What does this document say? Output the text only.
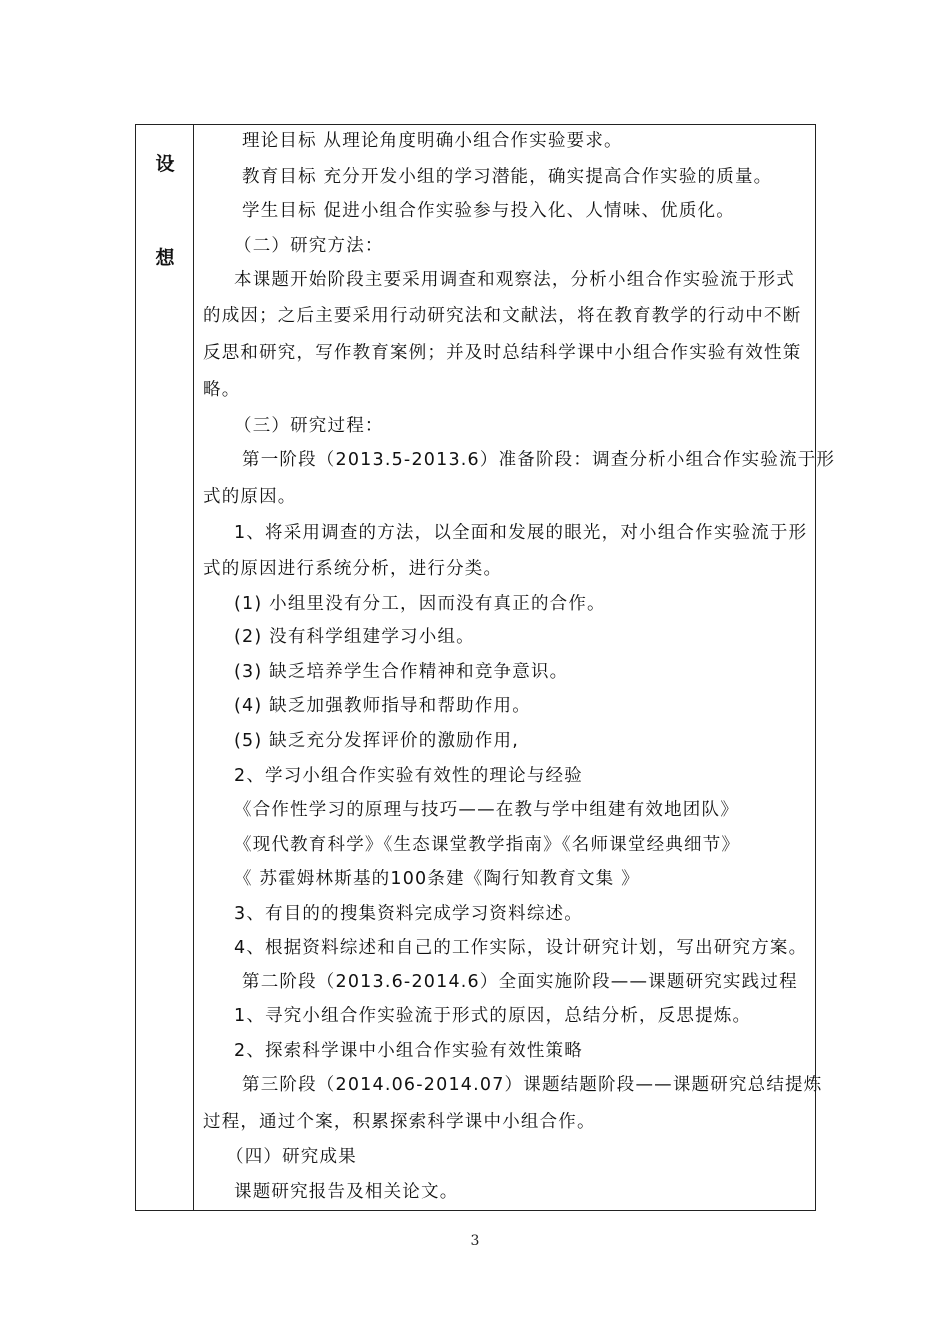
设
想
理论目标 从理论角度明确小组合作实验要求。
教育目标 充分开发小组的学习潜能，确实提高合作实验的质量。
学生目标 促进小组合作实验参与投入化、人情味、优质化。
（二）研究方法：
本课题开始阶段主要采用调查和观察法，分析小组合作实验流于形式
的成因；之后主要采用行动研究法和文献法，将在教育教学的行动中不断
反思和研究，写作教育案例；并及时总结科学课中小组合作实验有效性策
略。
（三）研究过程：
第一阶段（2013.5-2013.6）准备阶段：调查分析小组合作实验流于形
式的原因。
1、将采用调查的方法，以全面和发展的眼光，对小组合作实验流于形
式的原因进行系统分析，进行分类。
(1) 小组里没有分工，因而没有真正的合作。
(2) 没有科学组建学习小组。
(3) 缺乏培养学生合作精神和竞争意识。
(4) 缺乏加强教师指导和帮助作用。
(5) 缺乏充分发挥评价的激励作用,
2、学习小组合作实验有效性的理论与经验
《合作性学习的原理与技巧——在教与学中组建有效地团队》
《现代教育科学》《生态课堂教学指南》《名师课堂经典细节》
《 苏霍姆林斯基的100条建《陶行知教育文集 》
3、有目的的搜集资料完成学习资料综述。
4、根据资料综述和自己的工作实际，设计研究计划，写出研究方案。
第二阶段（2013.6-2014.6）全面实施阶段——课题研究实践过程
1、寻究小组合作实验流于形式的原因，总结分析，反思提炼。
2、探索科学课中小组合作实验有效性策略
第三阶段（2014.06-2014.07）课题结题阶段——课题研究总结提炼
过程，通过个案，积累探索科学课中小组合作。
（四）研究成果
课题研究报告及相关论文。
3
